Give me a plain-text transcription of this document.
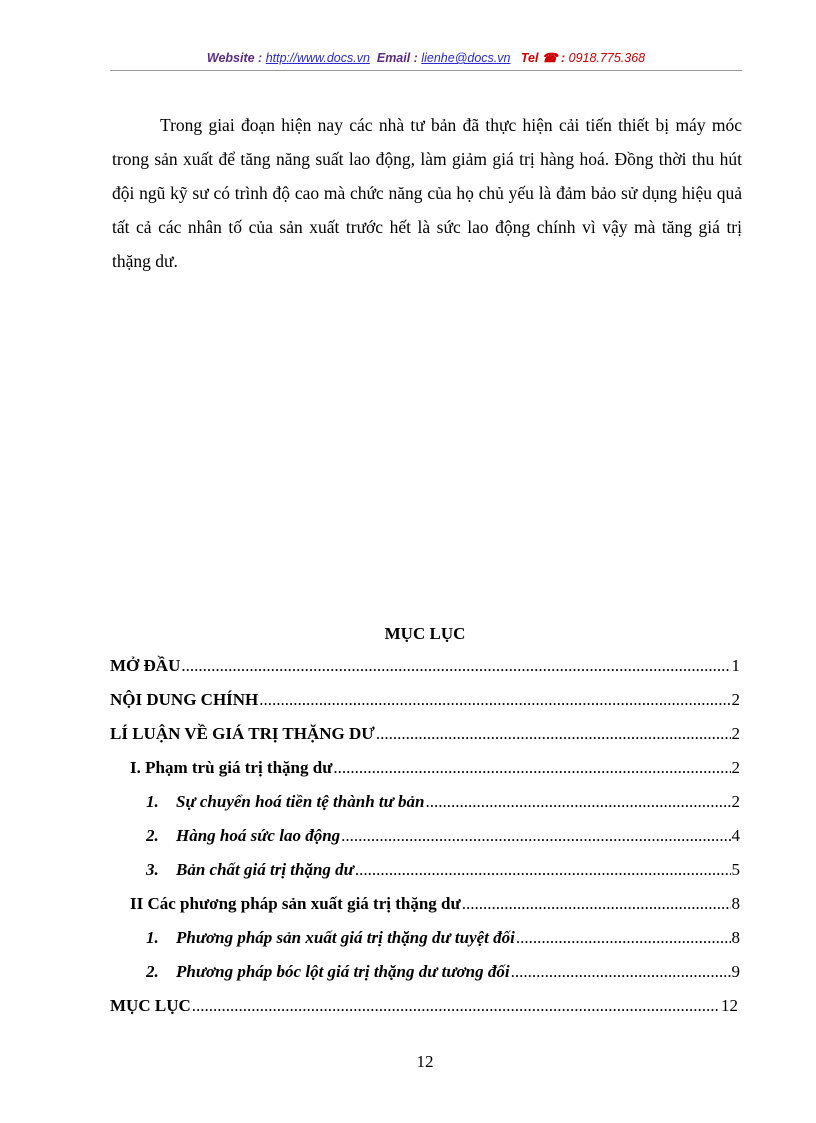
Website : http://www.docs.vn Email : lienhe@docs.vn Tel ☎ : 0918.775.368

Trong giai đoạn hiện nay các nhà tư bản đã thực hiện cải tiến thiết bị máy móc trong sản xuất để tăng năng suất lao động, làm giảm giá trị hàng hoá. Đồng thời thu hút đội ngũ kỹ sư có trình độ cao mà chức năng của họ chủ yếu là đảm bảo sử dụng hiệu quả tất cả các nhân tố của sản xuất trước hết là sức lao động chính vì vậy mà tăng giá trị thặng dư.

MỤC LỤC
MỞ ĐẦU .....	1
NỘI DUNG CHÍNH .....	2
LÍ LUẬN VỀ GIÁ TRỊ THẶNG DƯ .....	2
I. Phạm trù giá trị thặng dư .....	2
1. Sự chuyển hoá tiền tệ thành tư bản .....	2
2. Hàng hoá sức lao động .....	4
3. Bản chất giá trị thặng dư .....	5
II Các phương pháp sản xuất giá trị thặng dư .....	8
1. Phương pháp sản xuất giá trị thặng dư tuyệt đối .....	8
2. Phương pháp bóc lột giá trị thặng dư tương đối .....	9
MỤC LỤC .....	12
12
